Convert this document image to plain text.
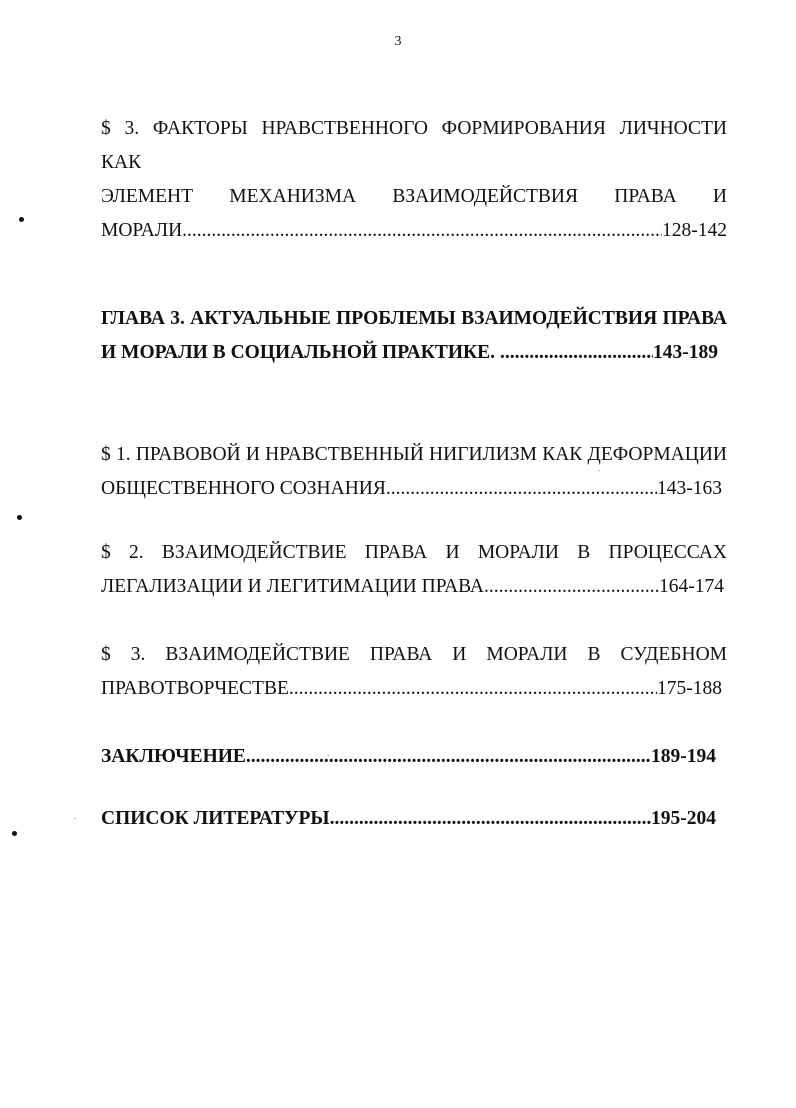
3
$ 3. ФАКТОРЫ НРАВСТВЕННОГО ФОРМИРОВАНИЯ ЛИЧНОСТИ КАК
ЭЛЕМЕНТ МЕХАНИЗМА ВЗАИМОДЕЙСТВИЯ ПРАВА И
МОРАЛИ .....	128-142
ГЛАВА 3. АКТУАЛЬНЫЕ ПРОБЛЕМЫ ВЗАИМОДЕЙСТВИЯ ПРАВА
И МОРАЛИ В СОЦИАЛЬНОЙ ПРАКТИКЕ. .....	143-189
$ 1. ПРАВОВОЙ И НРАВСТВЕННЫЙ НИГИЛИЗМ КАК ДЕФОРМАЦИИ
ОБЩЕСТВЕННОГО СОЗНАНИЯ .....	143-163
$ 2. ВЗАИМОДЕЙСТВИЕ ПРАВА И МОРАЛИ В ПРОЦЕССАХ
ЛЕГАЛИЗАЦИИ И ЛЕГИТИМАЦИИ ПРАВА .....	164-174
$ 3. ВЗАИМОДЕЙСТВИЕ ПРАВА И МОРАЛИ В СУДЕБНОМ
ПРАВОТВОРЧЕСТВЕ .....	175-188
ЗАКЛЮЧЕНИЕ .....	189-194
СПИСОК ЛИТЕРАТУРЫ .....	195-204
